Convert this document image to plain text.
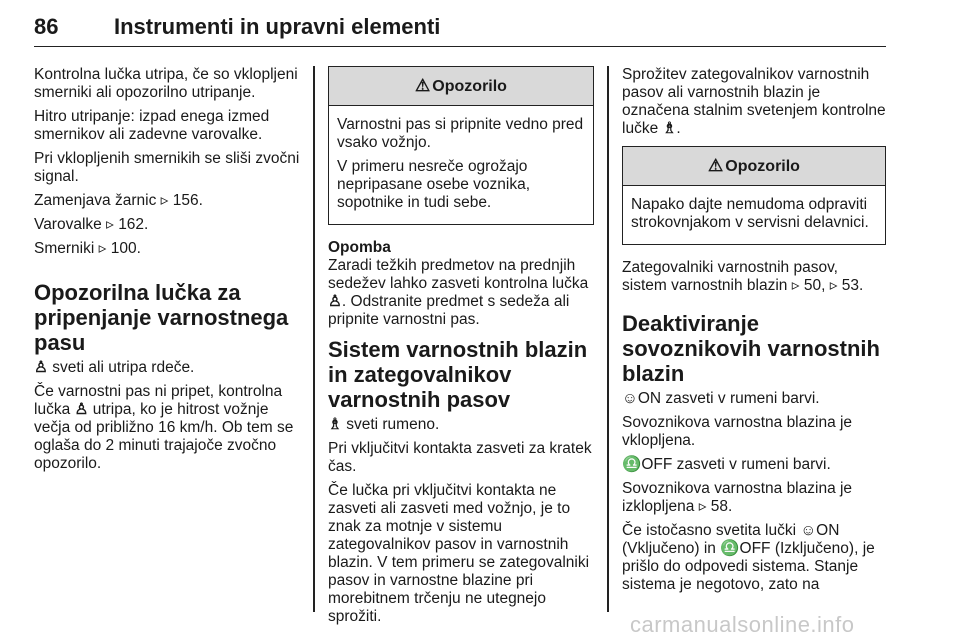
86	Instrumenti in upravni elementi

Kontrolna lučka utripa, če so vklopljeni smerniki ali opozorilno utripanje.

Hitro utripanje: izpad enega izmed smernikov ali zadevne varovalke.

Pri vklopljenih smernikih se sliši zvočni signal.

Zamenjava žarnic ▹ 156.

Varovalke ▹ 162.

Smerniki ▹ 100.

Opozorilna lučka za pripenjanje varnostnega pasu

♙ sveti ali utripa rdeče.

Če varnostni pas ni pripet, kontrolna lučka ♙ utripa, ko je hitrost vožnje večja od približno 16 km/h. Ob tem se oglaša do 2 minuti trajajoče zvočno opozorilo.

⚠ Opozorilo

Varnostni pas si pripnite vedno pred vsako vožnjo.

V primeru nesreče ogrožajo nepripasane osebe voznika, sopotnike in tudi sebe.

Opomba

Zaradi težkih predmetov na prednjih sedežev lahko zasveti kontrolna lučka ♙. Odstranite predmet s sedeža ali pripnite varnostni pas.

Sistem varnostnih blazin in zategovalnikov varnostnih pasov

♗ sveti rumeno.

Pri vključitvi kontakta zasveti za kratek čas.

Če lučka pri vključitvi kontakta ne zasveti ali zasveti med vožnjo, je to znak za motnje v sistemu zategovalnikov pasov in varnostnih blazin. V tem primeru se zategovalniki pasov in varnostne blazine pri morebitnem trčenju ne utegnejo sprožiti.

Sprožitev zategovalnikov varnostnih pasov ali varnostnih blazin je označena stalnim svetenjem kontrolne lučke ♗.

⚠ Opozorilo

Napako dajte nemudoma odpraviti strokovnjakom v servisni delavnici.

Zategovalniki varnostnih pasov, sistem varnostnih blazin ▹ 50, ▹ 53.

Deaktiviranje sovoznikovih varnostnih blazin

☺ON zasveti v rumeni barvi.

Sovoznikova varnostna blazina je vklopljena.

♎OFF zasveti v rumeni barvi.

Sovoznikova varnostna blazina je izklopljena ▹ 58.

Če istočasno svetita lučki ☺ON (Vključeno) in ♎OFF (Izključeno), je prišlo do odpovedi sistema. Stanje sistema je negotovo, zato na

carmanualsonline.info
